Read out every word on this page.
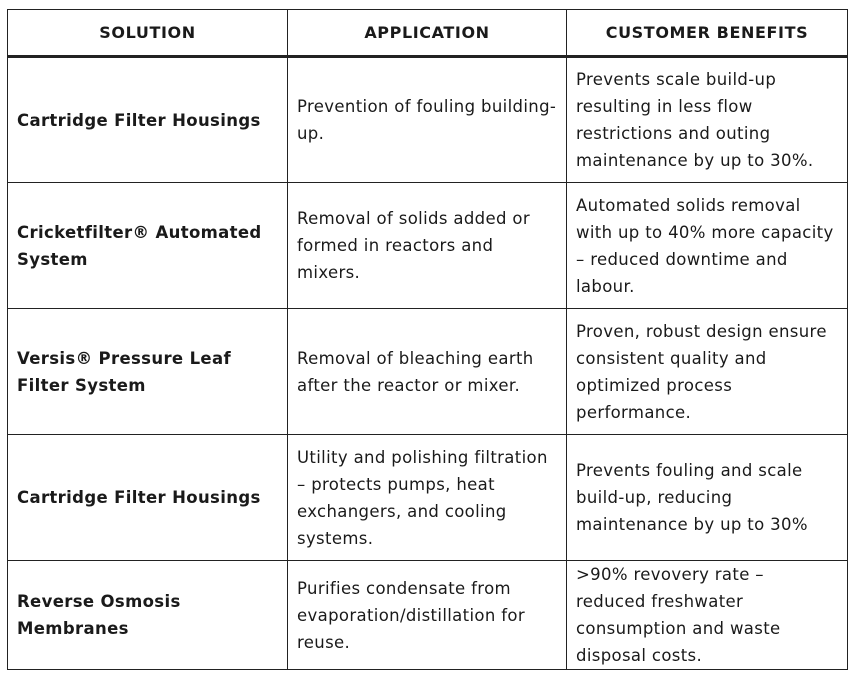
SOLUTION	APPLICATION	CUSTOMER BENEFITS
Cartridge Filter Housings	Prevention of fouling building-up.	Prevents scale build-up resulting in less flow restrictions and outing maintenance by up to 30%.
Cricketfilter® Automated System	Removal of solids added or formed in reactors and mixers.	Automated solids removal with up to 40% more capacity – reduced downtime and labour.
Versis® Pressure Leaf Filter System	Removal of bleaching earth after the reactor or mixer.	Proven, robust design ensure consistent quality and optimized process performance.
Cartridge Filter Housings	Utility and polishing filtration – protects pumps, heat exchangers, and cooling systems.	Prevents fouling and scale build-up, reducing maintenance by up to 30%
Reverse Osmosis Membranes	Purifies condensate from evaporation/distillation for reuse.	>90% revovery rate – reduced freshwater consumption and waste disposal costs.
